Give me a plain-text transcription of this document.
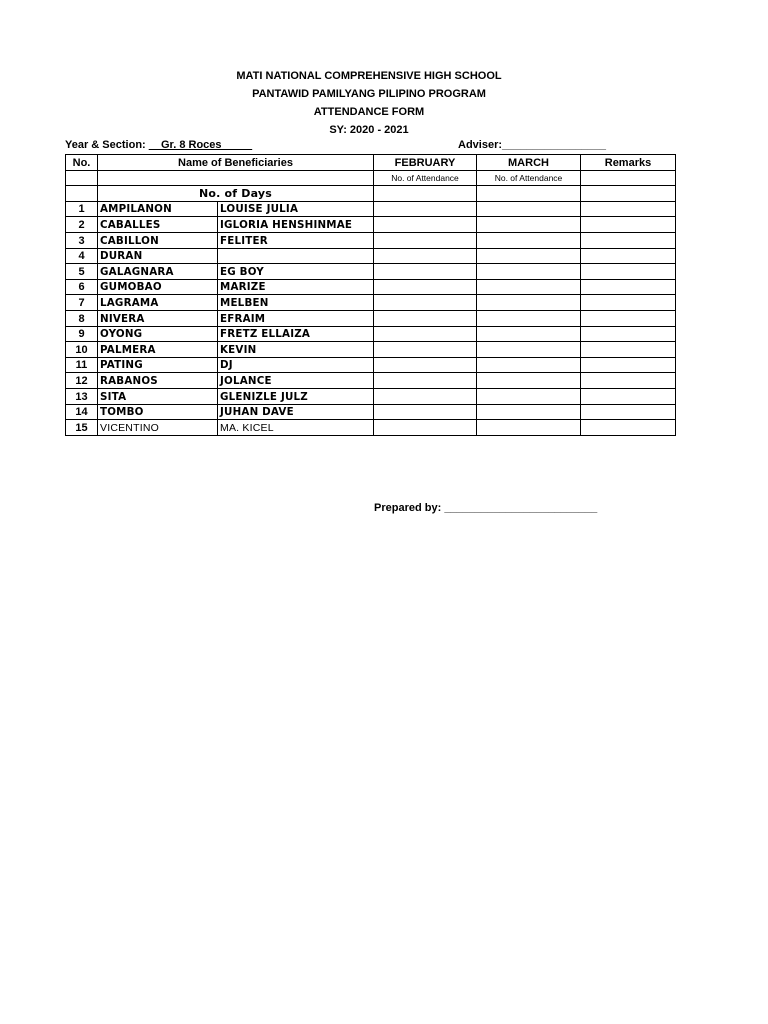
MATI NATIONAL COMPREHENSIVE HIGH SCHOOL
PANTAWID PAMILYANG PILIPINO PROGRAM
ATTENDANCE FORM
SY: 2020 - 2021
Year & Section: __Gr. 8 Roces_____	Adviser:_________________
No.	Name of Beneficiaries		FEBRUARY	MARCH	Remarks
			No. of Attendance	No. of Attendance	
	No. of Days				
1	AMPILANON	LOUISE JULIA			
2	CABALLES	IGLORIA HENSHINMAE			
3	CABILLON	FELITER			
4	DURAN				
5	GALAGNARA	EG BOY			
6	GUMOBAO	MARIZE			
7	LAGRAMA	MELBEN			
8	NIVERA	EFRAIM			
9	OYONG	FRETZ ELLAIZA			
10	PALMERA	KEVIN			
11	PATING	DJ			
12	RABANOS	JOLANCE			
13	SITA	GLENIZLE JULZ			
14	TOMBO	JUHAN DAVE			
15	VICENTINO	MA. KICEL			
Prepared by: _________________________
